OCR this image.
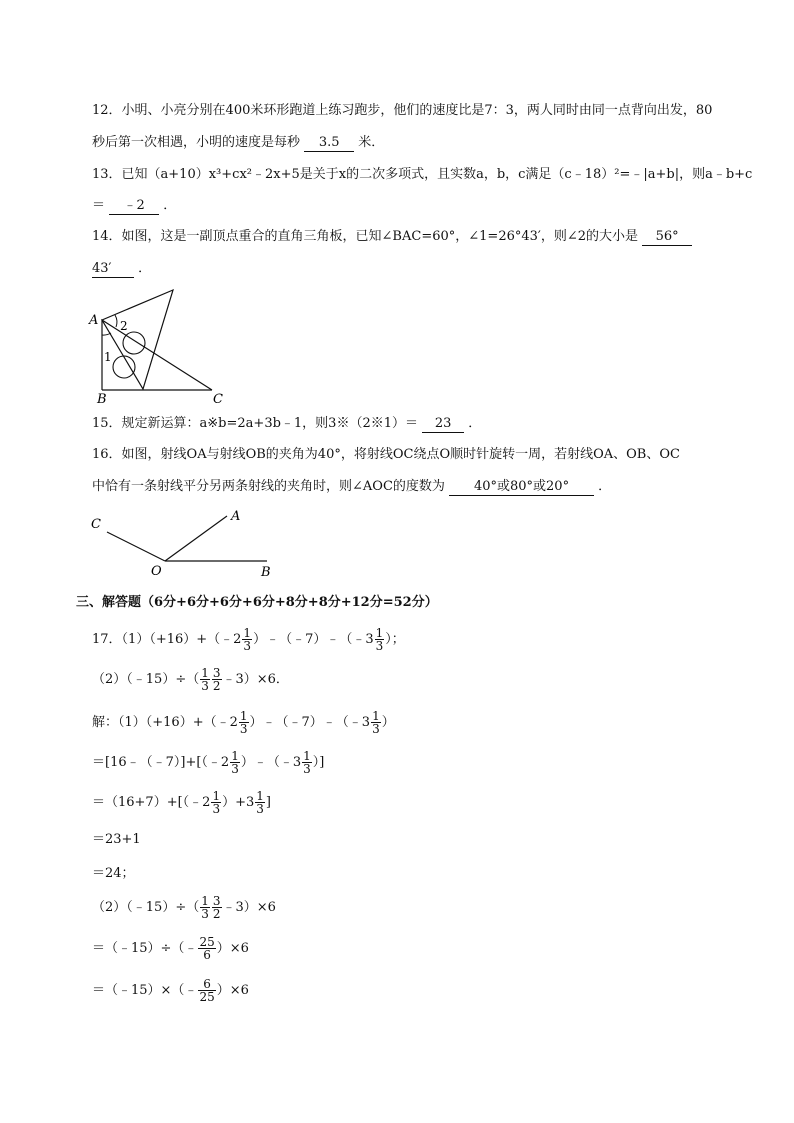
12．小明、小亮分别在400米环形跑道上练习跑步，他们的速度比是7：3，两人同时由同一点背向出发，80
秒后第一次相遇，小明的速度是每秒 3.5 米．
13．已知（a+10）x³+cx²﹣2x+5是关于x的二次多项式，且实数a，b，c满足（c﹣18）²=﹣|a+b|，则a﹣b+c
＝ ﹣2 ．
14．如图，这是一副顶点重合的直角三角板，已知∠BAC=60°，∠1=26°43′，则∠2的大小是 56°
43′ ．
A
B	C
2
1
15．规定新运算：a※b=2a+3b﹣1，则3※（2※1）＝ 23 ．
16．如图，射线OA与射线OB的夹角为40°，将射线OC绕点O顺时针旋转一周，若射线OA、OB、OC
中恰有一条射线平分另两条射线的夹角时，则∠AOC的度数为 40°或80°或20° ．
C
A
O	B
三、解答题（6分+6分+6分+6分+8分+8分+12分=52分）
17．（1）（+16）+（﹣2 $\frac{1}{3}$ ）﹣（﹣7）﹣（﹣3 $\frac{1}{3}$ ）；
（2）（﹣15）÷（ $\frac{1}{3} \frac{3}{2}$ ﹣3）×6．
解：（1）（+16）+（﹣2 $\frac{1}{3}$ ）﹣（﹣7）﹣（﹣3 $\frac{1}{3}$ ）
＝[16﹣（﹣7）]+[（﹣2 $\frac{1}{3}$ ）﹣（﹣3 $\frac{1}{3}$ ）]
＝（16+7）+[（﹣2 $\frac{1}{3} )+3 \frac{1}{3}$ ]
＝23+1
＝24；
（2）（﹣15）÷（ $\frac{1}{3} \frac{3}{2}$ ﹣3）×6
＝（﹣15）÷（﹣ $\frac{25}{6} )\times 6$
＝（﹣15）×（﹣ $\frac{6}{25} )\times 6$
